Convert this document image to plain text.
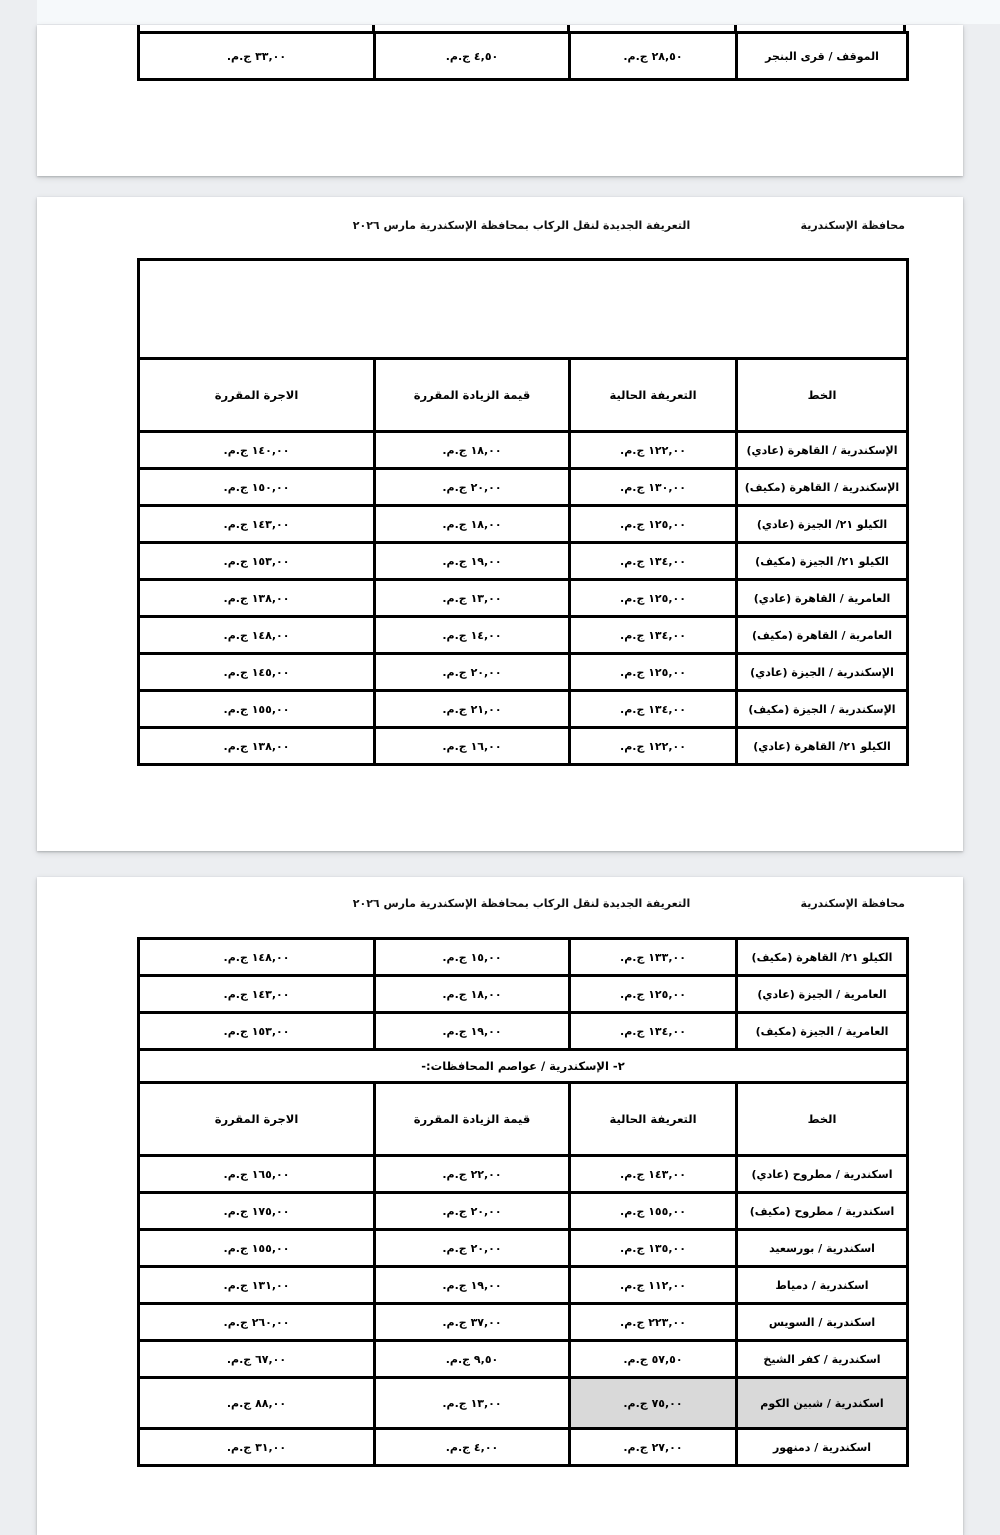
الموقف / قرى البنجر	٢٨,٥٠ ج.م.	٤,٥٠ ج.م.	٣٣,٠٠ ج.م.
محافظة الإسكندرية
التعريفة الجديدة لنقل الركاب بمحافظة الإسكندرية مارس ٢٠٢٦

الخط	التعريفة الحالية	قيمة الزيادة المقررة	الاجرة المقررة
الإسكندرية / القاهرة (عادي)	١٢٢,٠٠ ج.م.	١٨,٠٠ ج.م.	١٤٠,٠٠ ج.م.
الإسكندرية / القاهرة (مكيف)	١٣٠,٠٠ ج.م.	٢٠,٠٠ ج.م.	١٥٠,٠٠ ج.م.
الكيلو ٢١/ الجيزة (عادي)	١٢٥,٠٠ ج.م.	١٨,٠٠ ج.م.	١٤٣,٠٠ ج.م.
الكيلو ٢١/ الجيزة (مكيف)	١٣٤,٠٠ ج.م.	١٩,٠٠ ج.م.	١٥٣,٠٠ ج.م.
العامرية / القاهرة (عادي)	١٢٥,٠٠ ج.م.	١٣,٠٠ ج.م.	١٣٨,٠٠ ج.م.
العامرية / القاهرة (مكيف)	١٣٤,٠٠ ج.م.	١٤,٠٠ ج.م.	١٤٨,٠٠ ج.م.
الإسكندرية / الجيزة (عادي)	١٢٥,٠٠ ج.م.	٢٠,٠٠ ج.م.	١٤٥,٠٠ ج.م.
الإسكندرية / الجيزة (مكيف)	١٣٤,٠٠ ج.م.	٢١,٠٠ ج.م.	١٥٥,٠٠ ج.م.
الكيلو ٢١/ القاهرة (عادي)	١٢٢,٠٠ ج.م.	١٦,٠٠ ج.م.	١٣٨,٠٠ ج.م.
محافظة الإسكندرية
التعريفة الجديدة لنقل الركاب بمحافظة الإسكندرية مارس ٢٠٢٦
الكيلو ٢١/ القاهرة (مكيف)	١٣٣,٠٠ ج.م.	١٥,٠٠ ج.م.	١٤٨,٠٠ ج.م.
العامرية / الجيزة (عادي)	١٢٥,٠٠ ج.م.	١٨,٠٠ ج.م.	١٤٣,٠٠ ج.م.
العامرية / الجيزة (مكيف)	١٣٤,٠٠ ج.م.	١٩,٠٠ ج.م.	١٥٣,٠٠ ج.م.
٢- الإسكندرية / عواصم المحافظات:-			
الخط	التعريفة الحالية	قيمة الزيادة المقررة	الاجرة المقررة
اسكندرية / مطروح (عادي)	١٤٣,٠٠ ج.م.	٢٢,٠٠ ج.م.	١٦٥,٠٠ ج.م.
اسكندرية / مطروح (مكيف)	١٥٥,٠٠ ج.م.	٢٠,٠٠ ج.م.	١٧٥,٠٠ ج.م.
اسكندرية / بورسعيد	١٣٥,٠٠ ج.م.	٢٠,٠٠ ج.م.	١٥٥,٠٠ ج.م.
اسكندرية / دمياط	١١٢,٠٠ ج.م.	١٩,٠٠ ج.م.	١٣١,٠٠ ج.م.
اسكندرية / السويس	٢٢٣,٠٠ ج.م.	٣٧,٠٠ ج.م.	٢٦٠,٠٠ ج.م.
اسكندرية / كفر الشيخ	٥٧,٥٠ ج.م.	٩,٥٠ ج.م.	٦٧,٠٠ ج.م.
اسكندرية / شبين الكوم	٧٥,٠٠ ج.م.	١٣,٠٠ ج.م.	٨٨,٠٠ ج.م.
اسكندرية / دمنهور	٢٧,٠٠ ج.م.	٤,٠٠ ج.م.	٣١,٠٠ ج.م.
